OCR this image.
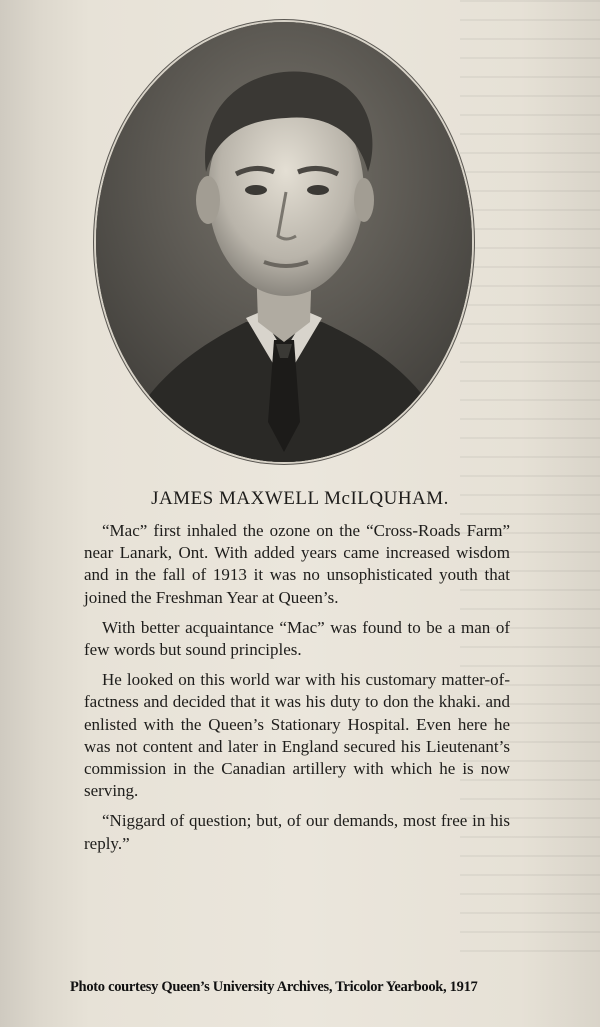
JAMES MAXWELL McILQUHAM.

“Mac” first inhaled the ozone on the “Cross-Roads Farm” near Lanark, Ont. With added years came increased wisdom and in the fall of 1913 it was no unsophisticated youth that joined the Freshman Year at Queen’s.

With better acquaintance “Mac” was found to be a man of few words but sound principles.

He looked on this world war with his customary matter-of-factness and decided that it was his duty to don the khaki. and enlisted with the Queen’s Stationary Hospital. Even here he was not content and later in England secured his Lieutenant’s commission in the Canadian artillery with which he is now serving.

“Niggard of question; but, of our demands, most free in his reply.”

Photo courtesy Queen’s University Archives, Tricolor Yearbook, 1917
